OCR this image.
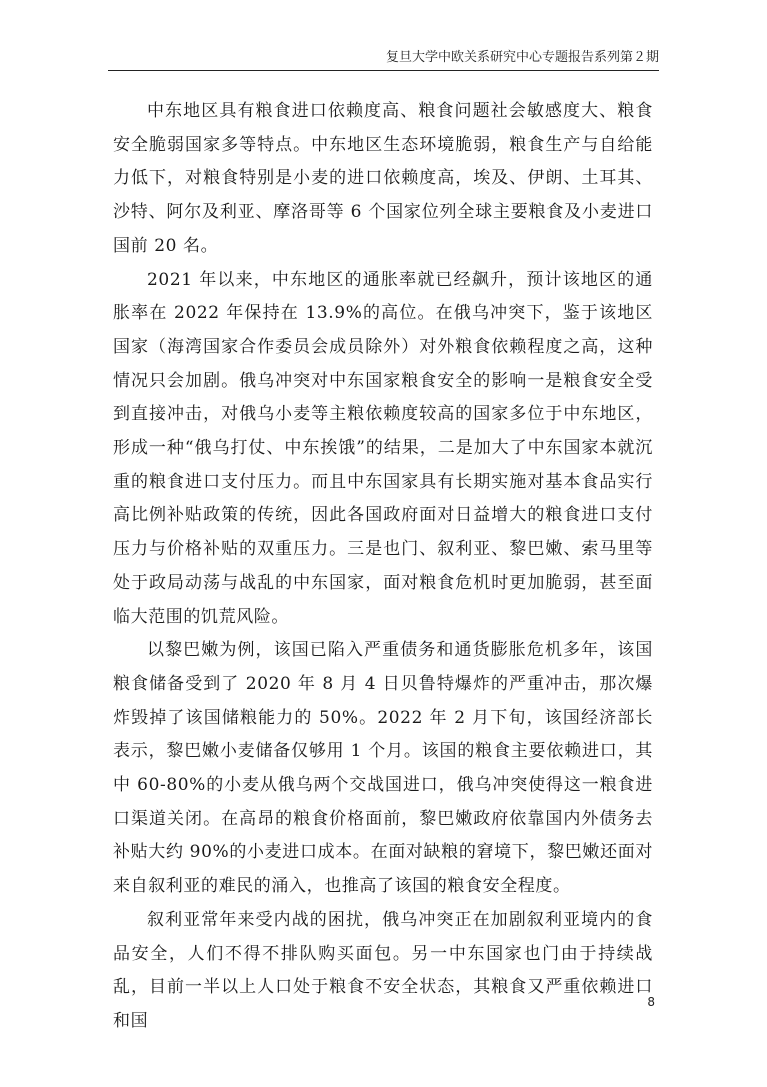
复旦大学中欧关系研究中心专题报告系列第２期

中东地区具有粮食进口依赖度高、粮食问题社会敏感度大、粮食安全脆弱国家多等特点。中东地区生态环境脆弱，粮食生产与自给能力低下，对粮食特别是小麦的进口依赖度高，埃及、伊朗、土耳其、沙特、阿尔及利亚、摩洛哥等 6 个国家位列全球主要粮食及小麦进口国前 20 名。

2021 年以来，中东地区的通胀率就已经飙升，预计该地区的通胀率在 2022 年保持在 13.9%的高位。在俄乌冲突下，鉴于该地区国家（海湾国家合作委员会成员除外）对外粮食依赖程度之高，这种情况只会加剧。俄乌冲突对中东国家粮食安全的影响一是粮食安全受到直接冲击，对俄乌小麦等主粮依赖度较高的国家多位于中东地区，形成一种“俄乌打仗、中东挨饿”的结果，二是加大了中东国家本就沉重的粮食进口支付压力。而且中东国家具有长期实施对基本食品实行高比例补贴政策的传统，因此各国政府面对日益增大的粮食进口支付压力与价格补贴的双重压力。三是也门、叙利亚、黎巴嫩、索马里等处于政局动荡与战乱的中东国家，面对粮食危机时更加脆弱，甚至面临大范围的饥荒风险。

以黎巴嫩为例，该国已陷入严重债务和通货膨胀危机多年，该国粮食储备受到了 2020 年 8 月 4 日贝鲁特爆炸的严重冲击，那次爆炸毁掉了该国储粮能力的 50%。2022 年 2 月下旬，该国经济部长表示，黎巴嫩小麦储备仅够用 1 个月。该国的粮食主要依赖进口，其中 60-80%的小麦从俄乌两个交战国进口，俄乌冲突使得这一粮食进口渠道关闭。在高昂的粮食价格面前，黎巴嫩政府依靠国内外债务去补贴大约 90%的小麦进口成本。在面对缺粮的窘境下，黎巴嫩还面对来自叙利亚的难民的涌入，也推高了该国的粮食安全程度。

叙利亚常年来受内战的困扰，俄乌冲突正在加剧叙利亚境内的食品安全，人们不得不排队购买面包。另一中东国家也门由于持续战乱，目前一半以上人口处于粮食不安全状态，其粮食又严重依赖进口和国

8
